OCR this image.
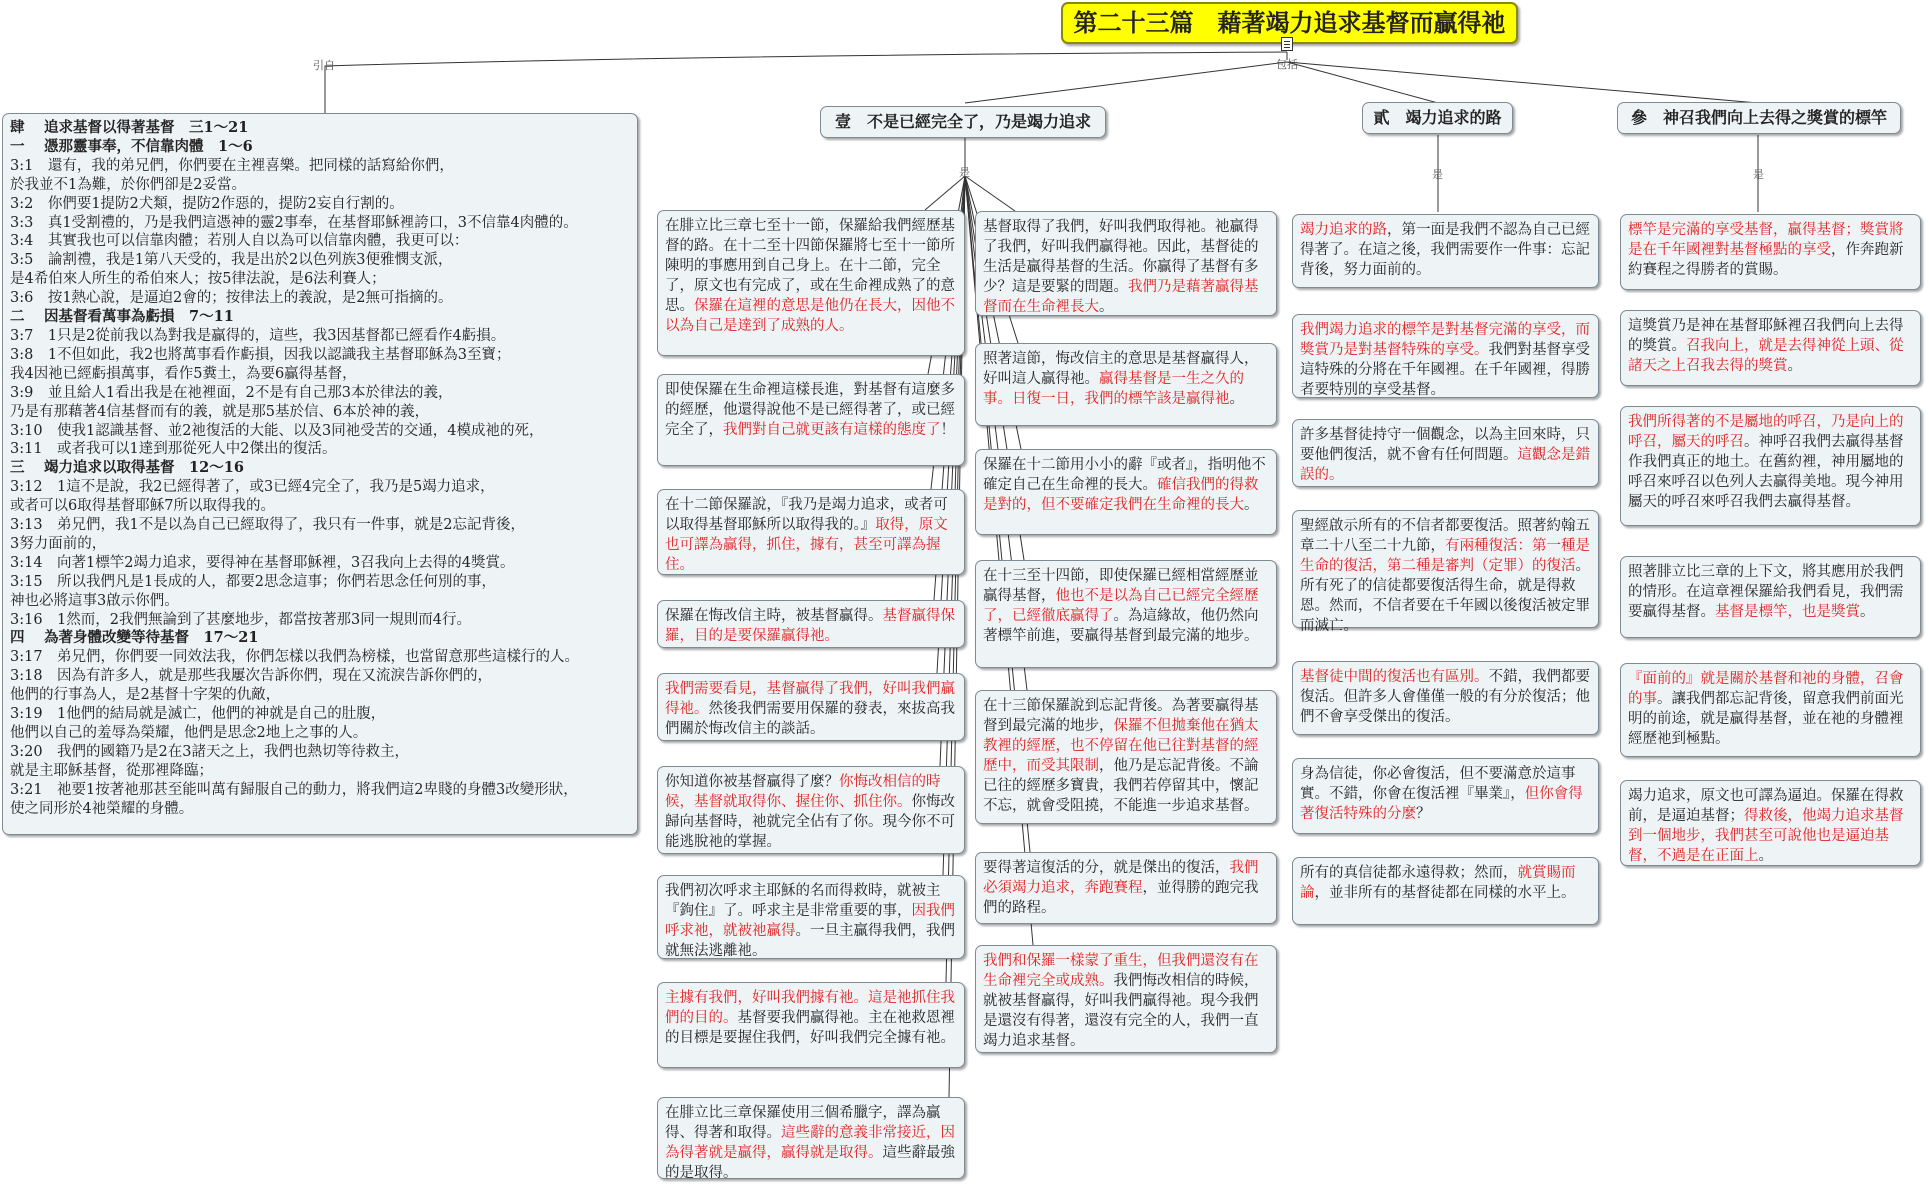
第二十三篇　藉著竭力追求基督而贏得祂
引自	包括
是	是	是
壹　不是已經完全了，乃是竭力追求	貳　竭力追求的路	參　神召我們向上去得之獎賞的標竿
肆　 追求基督以得著基督　三1～21
一　 憑那靈事奉，不信靠肉體　1～6
3:1　還有，我的弟兄們，你們要在主裡喜樂。把同樣的話寫給你們，
於我並不1為難，於你們卻是2妥當。
3:2　你們要1提防2犬類，提防2作惡的，提防2妄自行割的。
3:3　真1受割禮的，乃是我們這憑神的靈2事奉，在基督耶穌裡誇口，3不信靠4肉體的。
3:4　其實我也可以信靠肉體；若別人自以為可以信靠肉體，我更可以：
3:5　論割禮，我是1第八天受的，我是出於2以色列族3便雅憫支派，
是4希伯來人所生的希伯來人；按5律法說，是6法利賽人；
3:6　按1熱心說，是逼迫2會的；按律法上的義說，是2無可指摘的。
二　 因基督看萬事為虧損　7～11
3:7　1只是2從前我以為對我是贏得的，這些，我3因基督都已經看作4虧損。
3:8　1不但如此，我2也將萬事看作虧損，因我以認識我主基督耶穌為3至寶；
我4因祂已經虧損萬事，看作5糞土，為要6贏得基督，
3:9　並且給人1看出我是在祂裡面，2不是有自己那3本於律法的義，
乃是有那藉著4信基督而有的義，就是那5基於信、6本於神的義，
3:10　使我1認識基督、並2祂復活的大能、以及3同祂受苦的交通，4模成祂的死，
3:11　或者我可以1達到那從死人中2傑出的復活。
三　 竭力追求以取得基督　12～16
3:12　1這不是說，我2已經得著了，或3已經4完全了，我乃是5竭力追求，
或者可以6取得基督耶穌7所以取得我的。
3:13　弟兄們，我1不是以為自己已經取得了，我只有一件事，就是2忘記背後，
3努力面前的，
3:14　向著1標竿2竭力追求，要得神在基督耶穌裡，3召我向上去得的4獎賞。
3:15　所以我們凡是1長成的人，都要2思念這事；你們若思念任何別的事，
神也必將這事3啟示你們。
3:16　1然而，2我們無論到了甚麼地步，都當按著那3同一規則而4行。
四　 為著身體改變等待基督　17～21
3:17　弟兄們，你們要一同效法我，你們怎樣以我們為榜樣，也當留意那些這樣行的人。
3:18　因為有許多人，就是那些我屢次告訴你們，現在又流淚告訴你們的，
他們的行事為人，是2基督十字架的仇敵，
3:19　1他們的結局就是滅亡，他們的神就是自己的肚腹，
他們以自己的羞辱為榮耀，他們是思念2地上之事的人。
3:20　我們的國籍乃是2在3諸天之上，我們也熱切等待救主，
就是主耶穌基督，從那裡降臨；
3:21　祂要1按著祂那甚至能叫萬有歸服自己的動力，將我們這2卑賤的身體3改變形狀，
使之同形於4祂榮耀的身體。
在腓立比三章七至十一節，保羅給我們經歷基督的路。在十二至十四節保羅將七至十一節所陳明的事應用到自己身上。在十二節，完全了，原文也有完成了，或在生命裡成熟了的意思。保羅在這裡的意思是他仍在長大，因他不以為自己是達到了成熟的人。
即使保羅在生命裡這樣長進，對基督有這麼多的經歷，他還得說他不是已經得著了，或已經完全了，我們對自己就更該有這樣的態度了！
在十二節保羅說，『我乃是竭力追求，或者可以取得基督耶穌所以取得我的。』取得，原文也可譯為贏得，抓住，據有，甚至可譯為握住。
保羅在悔改信主時，被基督贏得。基督贏得保羅，目的是要保羅贏得祂。
我們需要看見，基督贏得了我們，好叫我們贏得祂。然後我們需要用保羅的發表，來拔高我們關於悔改信主的談話。
你知道你被基督贏得了麼？你悔改相信的時候，基督就取得你、握住你、抓住你。你悔改歸向基督時，祂就完全佔有了你。現今你不可能逃脫祂的掌握。
我們初次呼求主耶穌的名而得救時，就被主『鉤住』了。呼求主是非常重要的事，因我們呼求祂，就被祂贏得。一旦主贏得我們，我們就無法逃離祂。
主據有我們，好叫我們據有祂。這是祂抓住我們的目的。基督要我們贏得祂。主在祂救恩裡的目標是要握住我們，好叫我們完全據有祂。
在腓立比三章保羅使用三個希臘字，譯為贏得、得著和取得。這些辭的意義非常接近，因為得著就是贏得，贏得就是取得。這些辭最強的是取得。
基督取得了我們，好叫我們取得祂。祂贏得了我們，好叫我們贏得祂。因此，基督徒的生活是贏得基督的生活。你贏得了基督有多少？這是要緊的問題。我們乃是藉著贏得基督而在生命裡長大。
照著這節，悔改信主的意思是基督贏得人，好叫這人贏得祂。贏得基督是一生之久的事。日復一日，我們的標竿該是贏得祂。
保羅在十二節用小小的辭『或者』，指明他不確定自己在生命裡的長大。確信我們的得救是對的，但不要確定我們在生命裡的長大。
在十三至十四節，即使保羅已經相當經歷並贏得基督，他也不是以為自己已經完全經歷了，已經徹底贏得了。為這緣故，他仍然向著標竿前進，要贏得基督到最完滿的地步。
在十三節保羅說到忘記背後。為著要贏得基督到最完滿的地步，保羅不但拋棄他在猶太教裡的經歷，也不停留在他已往對基督的經歷中，而受其限制，他乃是忘記背後。不論已往的經歷多寶貴，我們若停留其中，懷記不忘，就會受阻撓，不能進一步追求基督。
要得著這復活的分，就是傑出的復活，我們必須竭力追求，奔跑賽程，並得勝的跑完我們的路程。
我們和保羅一樣蒙了重生，但我們還沒有在生命裡完全或成熟。我們悔改相信的時候，就被基督贏得，好叫我們贏得祂。現今我們是還沒有得著，還沒有完全的人，我們一直竭力追求基督。
竭力追求的路，第一面是我們不認為自己已經得著了。在這之後，我們需要作一件事：忘記背後，努力面前的。
我們竭力追求的標竿是對基督完滿的享受，而獎賞乃是對基督特殊的享受。我們對基督享受這特殊的分將在千年國裡。在千年國裡，得勝者要特別的享受基督。
許多基督徒持守一個觀念，以為主回來時，只要他們復活，就不會有任何問題。這觀念是錯誤的。
聖經啟示所有的不信者都要復活。照著約翰五章二十八至二十九節，有兩種復活：第一種是生命的復活，第二種是審判（定罪）的復活。所有死了的信徒都要復活得生命，就是得救恩。然而，不信者要在千年國以後復活被定罪而滅亡。
基督徒中間的復活也有區別。不錯，我們都要復活。但許多人會僅僅一般的有分於復活；他們不會享受傑出的復活。
身為信徒，你必會復活，但不要滿意於這事實。不錯，你會在復活裡『畢業』，但你會得著復活特殊的分麼？
所有的真信徒都永遠得救；然而，就賞賜而論，並非所有的基督徒都在同樣的水平上。
標竿是完滿的享受基督，贏得基督；獎賞將是在千年國裡對基督極點的享受，作奔跑新約賽程之得勝者的賞賜。
這獎賞乃是神在基督耶穌裡召我們向上去得的獎賞。召我向上，就是去得神從上頭、從諸天之上召我去得的獎賞。
我們所得著的不是屬地的呼召，乃是向上的呼召，屬天的呼召。神呼召我們去贏得基督作我們真正的地土。在舊約裡，神用屬地的呼召來呼召以色列人去贏得美地。現今神用屬天的呼召來呼召我們去贏得基督。
照著腓立比三章的上下文，將其應用於我們的情形。在這章裡保羅給我們看見，我們需要贏得基督。基督是標竿，也是獎賞。
『面前的』就是關於基督和祂的身體，召會的事。讓我們都忘記背後，留意我們前面光明的前途，就是贏得基督，並在祂的身體裡經歷祂到極點。
竭力追求，原文也可譯為逼迫。保羅在得救前，是逼迫基督；得救後，他竭力追求基督到一個地步，我們甚至可說他也是逼迫基督，不過是在正面上。
